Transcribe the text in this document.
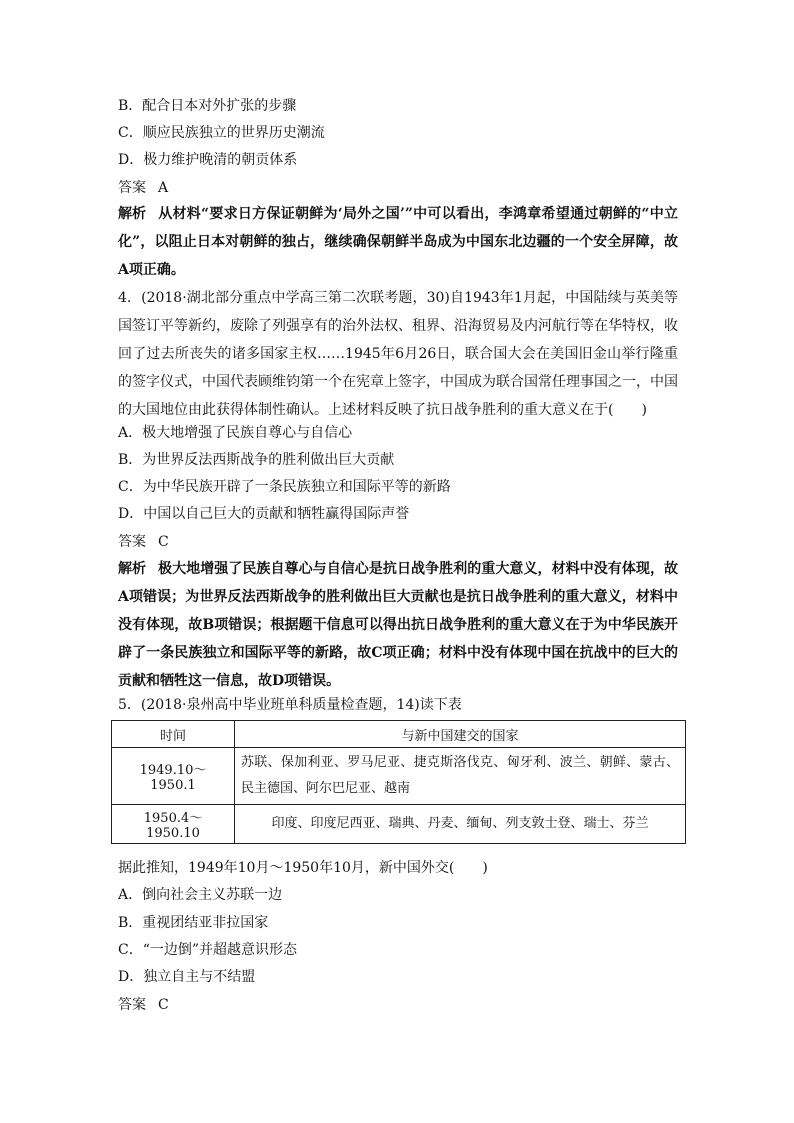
B．配合日本对外扩张的步骤
C．顺应民族独立的世界历史潮流
D．极力维护晚清的朝贡体系
答案 A
解析 从材料“要求日方保证朝鲜为‘局外之国’”中可以看出，李鸿章希望通过朝鲜的“中立化”，以阻止日本对朝鲜的独占，继续确保朝鲜半岛成为中国东北边疆的一个安全屏障，故A项正确。
4．(2018·湖北部分重点中学高三第二次联考题，30)自1943年1月起，中国陆续与英美等国签订平等新约，废除了列强享有的治外法权、租界、沿海贸易及内河航行等在华特权，收回了过去所丧失的诸多国家主权……1945年6月26日，联合国大会在美国旧金山举行隆重的签字仪式，中国代表顾维钧第一个在宪章上签字，中国成为联合国常任理事国之一，中国的大国地位由此获得体制性确认。上述材料反映了抗日战争胜利的重大意义在于(　　)
A．极大地增强了民族自尊心与自信心
B．为世界反法西斯战争的胜利做出巨大贡献
C．为中华民族开辟了一条民族独立和国际平等的新路
D．中国以自己巨大的贡献和牺牲赢得国际声誉
答案 C
解析 极大地增强了民族自尊心与自信心是抗日战争胜利的重大意义，材料中没有体现，故A项错误；为世界反法西斯战争的胜利做出巨大贡献也是抗日战争胜利的重大意义，材料中没有体现，故B项错误；根据题干信息可以得出抗日战争胜利的重大意义在于为中华民族开辟了一条民族独立和国际平等的新路，故C项正确；材料中没有体现中国在抗战中的巨大的贡献和牺牲这一信息，故D项错误。
5．(2018·泉州高中毕业班单科质量检查题，14)读下表
时间	与新中国建交的国家
1949.10～1950.1	苏联、保加利亚、罗马尼亚、捷克斯洛伐克、匈牙利、波兰、朝鲜、蒙古、民主德国、阿尔巴尼亚、越南
1950.4～1950.10	印度、印度尼西亚、瑞典、丹麦、缅甸、列支敦士登、瑞士、芬兰
据此推知，1949年10月～1950年10月，新中国外交(　　)
A．倒向社会主义苏联一边
B．重视团结亚非拉国家
C．“一边倒”并超越意识形态
D．独立自主与不结盟
答案 C
